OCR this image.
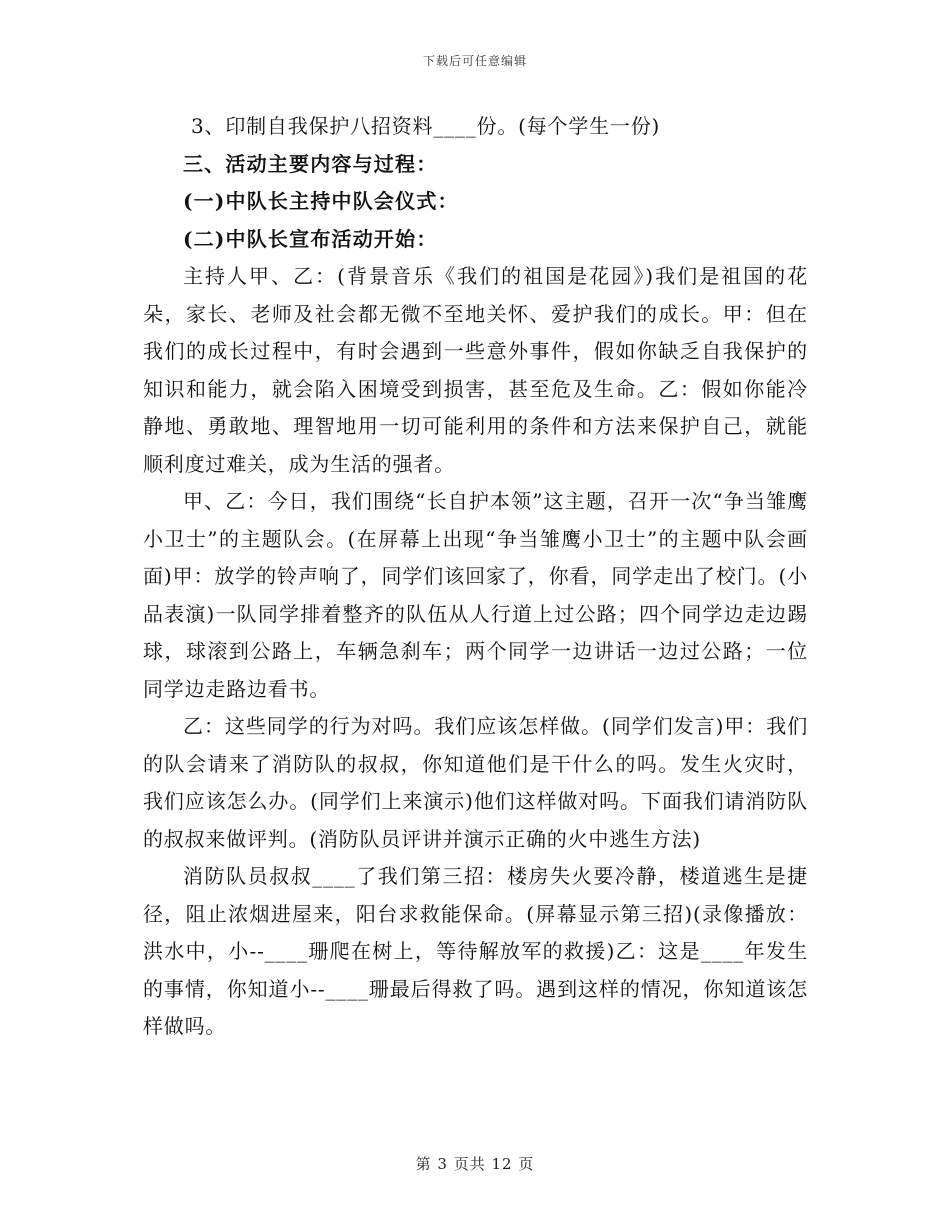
下载后可任意编辑

3、印制自我保护八招资料____份。(每个学生一份)

三、活动主要内容与过程：

(一)中队长主持中队会仪式：

(二)中队长宣布活动开始：

主持人甲、乙：(背景音乐《我们的祖国是花园》)我们是祖国的花朵，家长、老师及社会都无微不至地关怀、爱护我们的成长。甲：但在我们的成长过程中，有时会遇到一些意外事件，假如你缺乏自我保护的知识和能力，就会陷入困境受到损害，甚至危及生命。乙：假如你能冷静地、勇敢地、理智地用一切可能利用的条件和方法来保护自己，就能顺利度过难关，成为生活的强者。

甲、乙：今日，我们围绕“长自护本领”这主题，召开一次“争当雏鹰小卫士”的主题队会。(在屏幕上出现“争当雏鹰小卫士”的主题中队会画面)甲：放学的铃声响了，同学们该回家了，你看，同学走出了校门。(小品表演)一队同学排着整齐的队伍从人行道上过公路；四个同学边走边踢球，球滚到公路上，车辆急刹车；两个同学一边讲话一边过公路；一位同学边走路边看书。

乙：这些同学的行为对吗。我们应该怎样做。(同学们发言)甲：我们的队会请来了消防队的叔叔，你知道他们是干什么的吗。发生火灾时，我们应该怎么办。(同学们上来演示)他们这样做对吗。下面我们请消防队的叔叔来做评判。(消防队员评讲并演示正确的火中逃生方法)

消防队员叔叔____了我们第三招：楼房失火要冷静，楼道逃生是捷径，阻止浓烟进屋来，阳台求救能保命。(屏幕显示第三招)(录像播放：洪水中，小--____珊爬在树上，等待解放军的救援)乙：这是____年发生的事情，你知道小--____珊最后得救了吗。遇到这样的情况，你知道该怎样做吗。

第 3 页共 12 页
